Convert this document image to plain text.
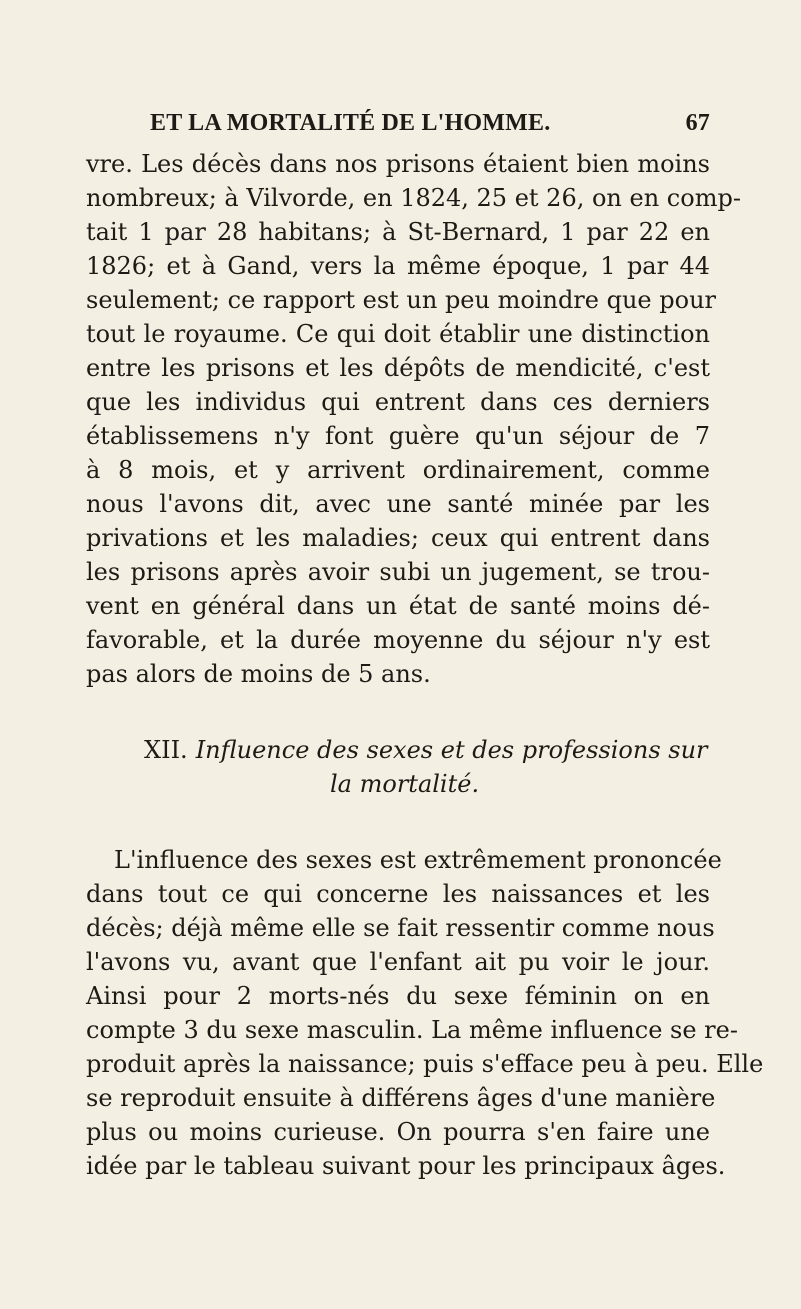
ET LA MORTALITÉ DE L'HOMME.	67
vre. Les décès dans nos prisons étaient bien moins
nombreux; à Vilvorde, en 1824, 25 et 26, on en comp-
tait 1 par 28 habitans; à St-Bernard, 1 par 22 en
1826; et à Gand, vers la même époque, 1 par 44
seulement; ce rapport est un peu moindre que pour
tout le royaume. Ce qui doit établir une distinction
entre les prisons et les dépôts de mendicité, c'est
que les individus qui entrent dans ces derniers
établissemens n'y font guère qu'un séjour de 7
à 8 mois, et y arrivent ordinairement, comme
nous l'avons dit, avec une santé minée par les
privations et les maladies; ceux qui entrent dans
les prisons après avoir subi un jugement, se trou-
vent en général dans un état de santé moins dé-
favorable, et la durée moyenne du séjour n'y est
pas alors de moins de 5 ans.
XII. Influence des sexes et des professions sur
la mortalité.
L'influence des sexes est extrêmement prononcée
dans tout ce qui concerne les naissances et les
décès; déjà même elle se fait ressentir comme nous
l'avons vu, avant que l'enfant ait pu voir le jour.
Ainsi pour 2 morts-nés du sexe féminin on en
compte 3 du sexe masculin. La même influence se re-
produit après la naissance; puis s'efface peu à peu. Elle
se reproduit ensuite à différens âges d'une manière
plus ou moins curieuse. On pourra s'en faire une
idée par le tableau suivant pour les principaux âges.
